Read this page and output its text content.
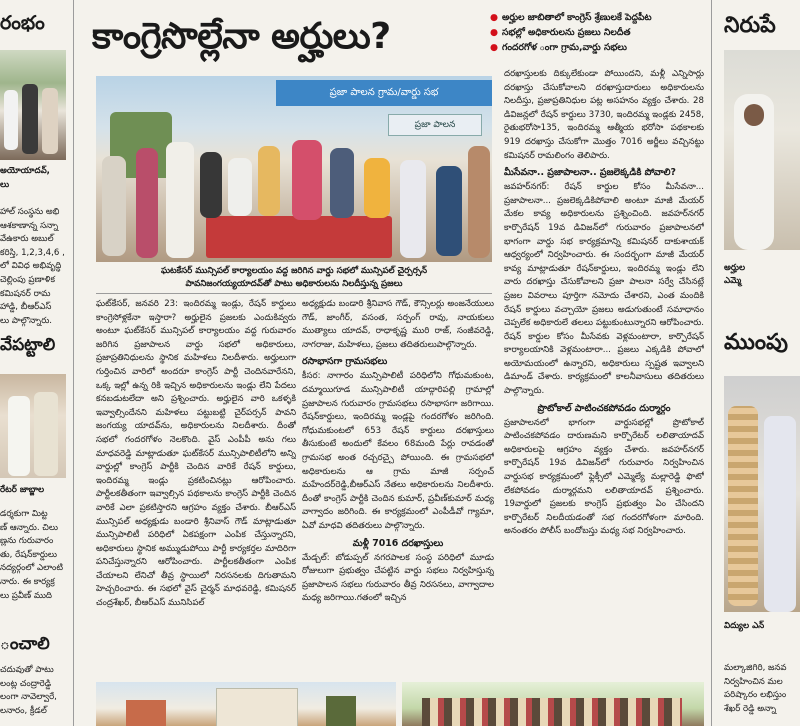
రంభం
అయోయాదవ్,
లు
హాల్ సంస్థను అభి
ఆశకాణాన్న సన్నా
వేఉకారు అబుల్
కరిస్తి, 1,2,3,4,6 ,
లో వివిధ అభివృద్ధి
చెల్లింపు ప్రణాళిక
కమిషనర్ రామ
హాడ్డి, బీఆర్ఎస్
లు పాల్గొన్నారు.
వేపట్టాలి
రేటర్ జాబ్జాల
డర్శకుగా మిట్ట
ణ్ ఆన్నారు. చిలు
ణ్లను గురువారం
తు, రేషన్‌కార్డులు
నద్యర్గంలో ఎలాంటి
నారు. ఈ కార్యక్ర
లు ప్రవీణ్ ముది
ంచాలి
చదువుతో పాటు
లంట్ల చంద్రారెడ్డి
లంగా నావెల్వారే,
లనారం, క్రీడల్
కాంగ్రెసొల్లేనా అర్హులు?	● అర్హుల జాబితాలో కాంగ్రెస్ శ్రేణులకే పెద్దపీట
● సభల్లో అధికారులను ప్రజలు నిలదీత
● గందరగోళ ంగా గ్రామ,వార్డు సభలు
ప్రజా పాలన గ్రామ/వార్డు సభ
ప్రజా పాలన
ఘటకేసర్ మున్సిపల్ కార్యాలయం వద్ద జరిగిన వార్డు సభలో మున్సిపల్ చైర్పర్సన్
పావనిజంగయ్యయాదవ్‌తో పాటు అధికారులను నిలదీస్తున్న ప్రజలు

ఘట్‌కేసర్, జనవరి 23: ఇందిరమ్మ ఇండ్లు, రేషన్ కార్డులు కాంగ్రెసోళ్లకేనా ఇస్తారా? అర్హులైన ప్రజలకు ఎందుకివ్వరు అంటూ ఘట్‌కేసర్ మున్సిపల్ కార్యాలయం వద్ద గురువారం జరిగిన ప్రజాపాలన వార్డు సభలో అధికారులు, ప్రజాప్రతినిధులను స్థానిక మహిళలు నిలదీశారు. అర్హులుగా గుర్తించిన వారిలో అందరూ కాంగ్రెస్ పార్టీ చెందినవారేనని, ఒక్క ఇల్లో ఉన్న రికి ఇచ్చిన అధికారులను ఇండ్లు లేని పేదలు కనబడుటలేదా అని ప్రశ్నించారు. అర్హులైన వారి ఒకళ్ళకి ఇవ్వాల్సిందేనని మహిళలు పట్టుబట్టి చైర్‌పర్సన్ పావని జంగయ్య యాదవ్‌ను, అధికారులను నిలదీశారు. దీంతో సభలో గందరగోళం నెలకొంది. వైస్ ఎంపీపీ అను గలు మాధవరెడ్డి మాట్లాడుతూ ఘట్‌కేసర్ మున్సిపాలిటీలోని అన్ని వార్డుల్లో కాంగ్రెస్ పార్టీకి చెందిన వారికే రేషన్ కార్డులు, ఇందిరమ్మ ఇండ్లు ప్రకటించినట్లు ఆరోపించారు. పార్టీలకతీతంగా ఇవ్వాల్సిన పథకాలను కాంగ్రెస్ పార్టీకి చెందిన వారికే ఎలా ప్రకటిస్తారని ఆగ్రహం వ్యక్తం చేశారు. బీఆర్ఎస్ మున్సిపల్ అధ్యక్షుడు బండారి శ్రీనివాస్ గౌడ్ మాట్లాడుతూ మున్సిపాలిటీ పరిధిలో ఏకపక్షంగా ఎంపిక చేస్తున్నారని, అధికారులు స్థానిక అమ్ముడుపోయి పార్టీ కార్యకర్తల మాదిరిగా పనిచేస్తున్నారని ఆరోపించారు. పార్టీలకతీతంగా ఎంపిక చేయాలని లేనిచో తీవ్ర స్థాయిలో నిరసనలకు దిగుతామని హెచ్చరించారు. ఈ సభలో వైస్ చైర్మన్ మాధవరెడ్డి, కమిషనర్ చంద్రశేఖర్, బీఆర్ఎస్ మునిసిపల్

అధ్యక్షుడు బండారి శ్రీనివాస గౌడ్, కౌన్సిలర్లు అంజనేయులు గౌడ్, జాంగీర్, వసంత, సర్పంగ్ రావు, నాయకులు ముత్యాలు యాదవ్, రాధాకృష్ణ మురి రాజ్, సంజీవరెడ్డి, నాగరాజు, మహిళలు, ప్రజలు తదితరులుపాల్గొన్నారు.

రసాభాసగా గ్రామసభలు

కీసర: నాగారం మున్సిపాలిటీ పరిధిలోని గోధుమకుంట, దమ్మాయిగూడ మున్సిపాలిటీ యాద్గారిపల్లి గ్రామాల్లో ప్రజాపాలన గురువారం గ్రామసభలు రసాభాసగా జరిగాయి. రేషన్‌కార్డులు, ఇందిరమ్మ ఇండ్లపై గందరగోళం జరిగింది. గోధుమకుంటలో 653 రేషన్ కార్డులు దరఖాస్తులు తీసుకుంటే అందులో కేవలం 68మంది పేర్లు రావడంతో గ్రామసభ అంత రచ్చరచ్చై పోయింది. ఈ గ్రామసభలో అధికారులను ఆ గ్రామ మాజీ సర్పంచ్ మహేందర్‌రెడ్డి,బీఆర్ఎస్ నేతలు అధికారులను నిలదీశారు. దీంతో కాంగ్రెస్ పార్టీకి చెందిన కుమార్, ప్రవీణ్‌కుమార్ మధ్య వాగ్వాదం జరిగింది. ఈ కార్యక్రమంలో ఎంపీడీవో గ్యామా, ఏవో మాధవి తదితరులు పాల్గొన్నారు.

మళ్లీ 7016 దరఖాస్తులు

మేడ్చల్: బోడుప్పల్ నగరపాలక సంస్థ పరిధిలో మూడు రోజులుగా ప్రభుత్వం చేపట్టిన వార్డు సభలు నిర్వహిస్తున్న ప్రజాపాలన సభలు గురువారం తీవ్ర నిరసనలు, వాగ్వాదాల మధ్య జరిగాయి.గతంలో ఇచ్చిన

దరఖాస్తులకు దిక్కులేకుండా పోయిందని, మళ్లీ ఎన్నిసార్లు దరఖాస్తు చేసుకోవాలని దరఖాస్తుదారులు అధికారులను నిలదీస్తు, ప్రజాప్రతినిధుల పట్ల అసహనం వ్యక్తం చేశారు. 28 డివిజన్లలో రేషన్ కార్డులు 3730, ఇందిరమ్మ ఇండ్లకు 2458, రైతుభరోసా135, ఇందిరమ్మ ఆత్మీయ భరోసా పథకాలకు 919 దరఖాస్తు చేసుకోగా మొత్తం 7016 అర్జీలు వచ్చినట్టు కమిషనర్ రామలింగం తెలిపారు.

మీసేవనా.. ప్రజాపాలనా.. ప్రజలెక్కడికి పోవాలి?

జవహర్‌నగర్: రేషన్ కార్డుల కోసం మీసేవనా... ప్రజాపాలనా... ప్రజలెక్కడికిపోవాలి అంటూ మాజీ మేయర్ మేకల కావ్య అధికారులను ప్రశ్నించింది. జవహర్‌నగర్ కార్పొరేషన్ 19వ డివిజన్‌లో గురువారం ప్రజాపాలనలో భాగంగా వార్డు సభ కార్యక్రమాన్ని కమిషనర్ దాకుశాయక్ ఆధ్వర్యంలో నిర్వహించారు. ఈ సందర్భంగా మాజీ మేయర్ కావ్య మాట్లాడుతూ రేషన్‌కార్డులు, ఇందిరమ్మ ఇండ్లు లేని వారు దరఖాస్తు చేసుకోవాలని ప్రజా పాలనా సర్వే చేసినట్లే ప్రజల వివరాలు పూర్తిగా నమోదు చేశారని, ఎంత మందికి రేషన్ కార్డులు వచ్చాయో ప్రజలు అడుగుతుంటే సమాధానం చెప్పలేక అధికారులే తలలు పట్టుకుంటున్నారని ఆరోపించారు. రేషన్ కార్డుల కోసం మీసేవకు వెళ్లమంటారా, కార్పొరేషన్ కార్యాలయానికి వెళ్లమంటారా... ప్రజలు ఎక్కడికి పోవాలో అయోమయంలో ఉన్నారని, అధికారులు స్పష్టత ఇవ్వాలని డిమాండ్ చేశారు. కార్యక్రమంలో కాలనీవాసులు తదితరులు పాల్గొన్నారు.

ప్రొటోకాల్ పాటించకపోవడం దుర్మార్గం

ప్రజాపాలనలో భాగంగా వార్డుసభల్లో ప్రొటోకాల్ పాటించకపోవడం దారుణమని కార్పొరేటర్ లలితాయాదవ్ అధికారులపై ఆగ్రహం వ్యక్తం చేశారు. జవహర్‌నగర్ కార్పొరేషన్ 19వ డివిజన్‌లో గురువారం నిర్వహించిన వార్డుసభ కార్యక్రమంలో ఫ్లెక్సీలో ఎమ్మెల్యే మల్లారెడ్డి ఫొటో లేకపోవడం దుర్మార్గమని లలితాయాదవ్ ప్రశ్నించారు. 19వార్డులో ప్రజలకు కాంగ్రెస్ ప్రభుత్వం ఏం చేసిందని కార్పొరేటర్ నిలదీయడంతో సభ గందరగోళంగా మారింది. అనంతరం పోలీస్ బందోబస్తు మధ్య సభ నిర్వహించారు.

నిరుపే
అర్హుల
ఎమ్మె
ముంపు
విద్యుల ఎన్
మల్కాజిగిరి, జనవ
నిర్వహించిన మల
పరిష్కారం లభిస్తుం
శేఖర్ రెడ్డి అన్నా
